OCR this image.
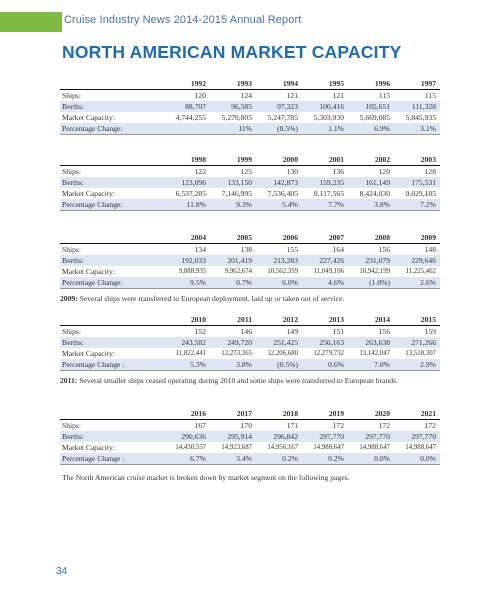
Cruise Industry News 2014-2015 Annual Report
NORTH AMERICAN MARKET CAPACITY
	1992	1993	1994	1995	1996	1997
Ships:	120	124	121	121	115	115
Berths:	88,707	96,585	97,323	100,416	105,651	111,328
Market Capacity:	4,744,255	5,270,805	5,247,785	5,303,930	5,669,085	5,845,935
Percentage Change:		11%	(0.5%)	1.1%	6.9%	3.1%
	1998	1999	2000	2001	2002	2003
Ships:	122	125	130	136	120	128
Berths:	123,096	133,150	142,873	159,235	161,149	175,531
Market Capacity:	6,537,285	7,146,995	7,536,405	8,117,565	8,424,030	9,029,185
Percentage Change:	11.8%	9.3%	5.4%	7.7%	3.8%	7.2%
	2004	2005	2006	2007	2008	2009
Ships:	134	138	155	164	156	148
Berths:	192,033	201,419	213,283	227,426	231,079	229,646
Market Capacity:	9,888,935	9,962,674	10,562,359	11,049,106	10,942,199	11,225,462
Percentage Change:	9.5%	0.7%	6.0%	4.6%	(1.0%)	2.6%
2009: Several ships were transferred to European deployment, laid up or taken out of service.
	2010	2011	2012	2013	2014	2015
Ships:	152	146	149	151	156	159
Berths:	243,582	249,720	251,425	256,163	263,638	271,266
Market Capacity:	11,822,441	12,273,365	12,206,680	12,279,732	13,142,047	13,518,307
Percentage Change :	5.3%	3.8%	(0.5%)	0.6%	7.0%	2.9%
2011: Several smaller ships ceased operating during 2010 and some ships were transferred to European brands.
	2016	2017	2018	2019	2020	2021
Ships:	167	170	171	172	172	172
Berths:	290,636	295,914	296,842	297,770	297,770	297,770
Market Capacity:	14,430,557	14,923,687	14,956,167	14,988,647	14,988,647	14,988,647
Percentage Change :	6.7%	3.4%	0.2%	0.2%	0.0%	0.0%
The North American cruise market is broken down by market segment on the following pages.
34
